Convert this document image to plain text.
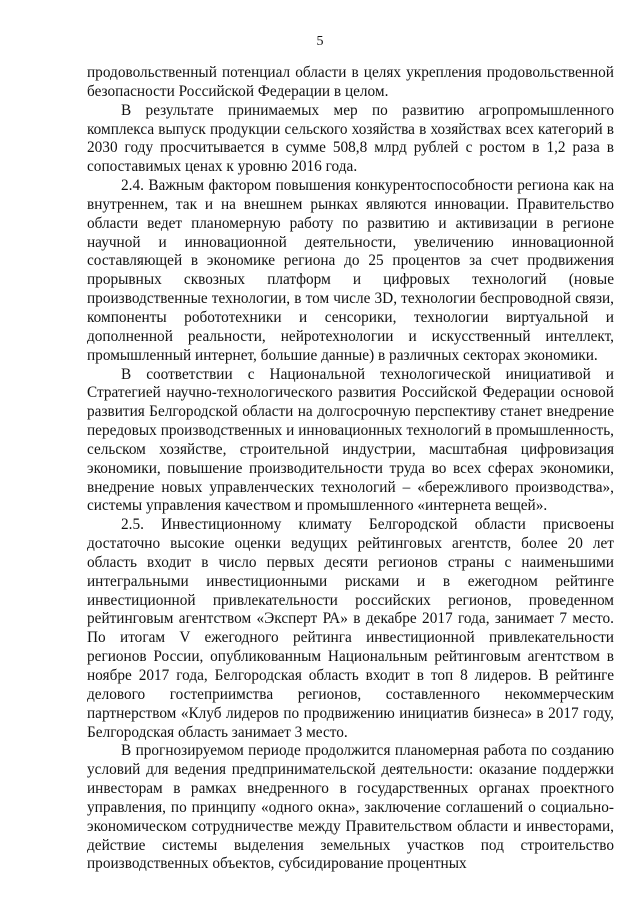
5

продовольственный потенциал области в целях укрепления продовольственной безопасности Российской Федерации в целом.

В результате принимаемых мер по развитию агропромышленного комплекса выпуск продукции сельского хозяйства в хозяйствах всех категорий в 2030 году просчитывается в сумме 508,8 млрд рублей с ростом в 1,2 раза в сопоставимых ценах к уровню 2016 года.

2.4. Важным фактором повышения конкурентоспособности региона как на внутреннем, так и на внешнем рынках являются инновации. Правительство области ведет планомерную работу по развитию и активизации в регионе научной и инновационной деятельности, увеличению инновационной составляющей в экономике региона до 25 процентов за счет продвижения прорывных сквозных платформ и цифровых технологий (новые производственные технологии, в том числе 3D, технологии беспроводной связи, компоненты робототехники и сенсорики, технологии виртуальной и дополненной реальности, нейротехнологии и искусственный интеллект, промышленный интернет, большие данные) в различных секторах экономики.

В соответствии с Национальной технологической инициативой и Стратегией научно-технологического развития Российской Федерации основой развития Белгородской области на долгосрочную перспективу станет внедрение передовых производственных и инновационных технологий в промышленность, сельском хозяйстве, строительной индустрии, масштабная цифровизация экономики, повышение производительности труда во всех сферах экономики, внедрение новых управленческих технологий – «бережливого производства», системы управления качеством и промышленного «интернета вещей».

2.5. Инвестиционному климату Белгородской области присвоены достаточно высокие оценки ведущих рейтинговых агентств, более 20 лет область входит в число первых десяти регионов страны с наименьшими интегральными инвестиционными рисками и в ежегодном рейтинге инвестиционной привлекательности российских регионов, проведенном рейтинговым агентством «Эксперт РА» в декабре 2017 года, занимает 7 место. По итогам V ежегодного рейтинга инвестиционной привлекательности регионов России, опубликованным Национальным рейтинговым агентством в ноябре 2017 года, Белгородская область входит в топ 8 лидеров. В рейтинге делового гостеприимства регионов, составленного некоммерческим партнерством «Клуб лидеров по продвижению инициатив бизнеса» в 2017 году, Белгородская область занимает 3 место.

В прогнозируемом периоде продолжится планомерная работа по созданию условий для ведения предпринимательской деятельности: оказание поддержки инвесторам в рамках внедренного в государственных органах проектного управления, по принципу «одного окна», заключение соглашений о социально-экономическом сотрудничестве между Правительством области и инвесторами, действие системы выделения земельных участков под строительство производственных объектов, субсидирование процентных
